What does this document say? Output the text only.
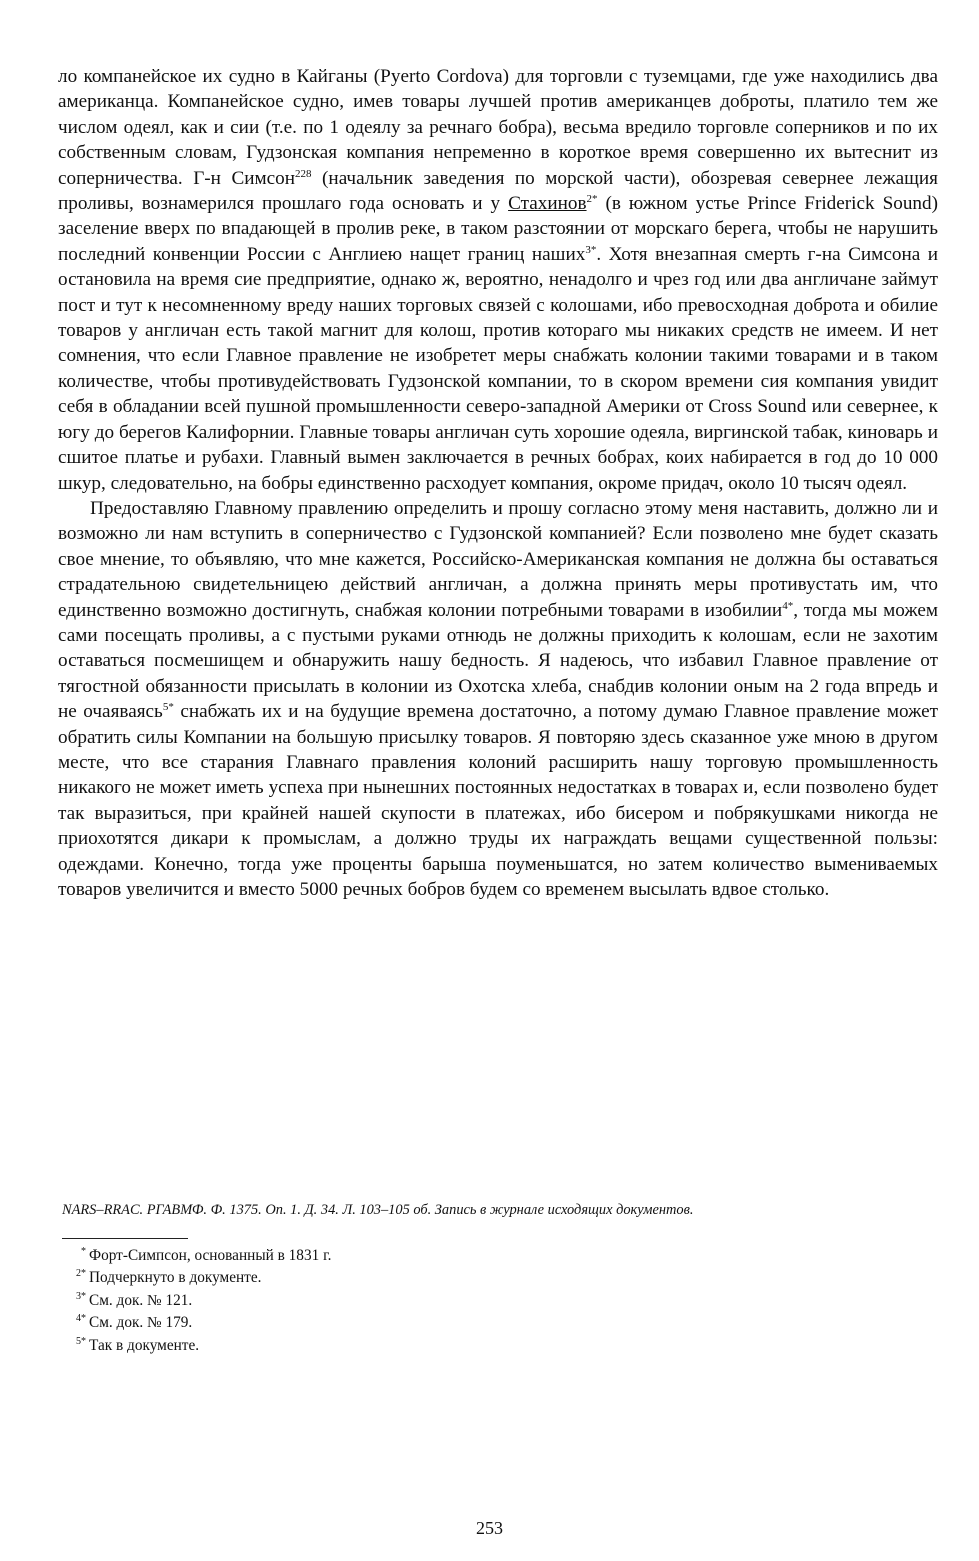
ло компанейское их судно в Кайганы (Pyerto Cordova) для торговли с туземцами, где уже находились два американца. Компанейское судно, имев товары лучшей против американцев доброты, платило тем же числом одеял, как и сии (т.е. по 1 одеялу за речнаго бобра), весьма вредило торговле соперников и по их собственным словам, Гудзонская компания непременно в короткое время совершенно их вытеснит из соперничества. Г-н Симсон$^{228}$ (начальник заведения по морской части), обозревая севернее лежащия проливы, вознамерился прошлаго года основать и у Стахинов$^{2*}$ (в южном устье Prince Friderick Sound) заселение вверх по впадающей в пролив реке, в таком разстоянии от морскаго берега, чтобы не нарушить последний конвенции России с Англиею нащет границ наших$^{3*}$. Хотя внезапная смерть г-на Симсона и остановила на время сие предприятие, однако ж, вероятно, ненадолго и чрез год или два англичане займут пост и тут к несомненному вреду наших торговых связей с колошами, ибо превосходная доброта и обилие товаров у англичан есть такой магнит для колош, против котораго мы никаких средств не имеем. И нет сомнения, что если Главное правление не изобретет меры снабжать колонии такими товарами и в таком количестве, чтобы противудействовать Гудзонской компании, то в скором времени сия компания увидит себя в обладании всей пушной промышленности северо-западной Америки от Cross Sound или севернее, к югу до берегов Калифорнии. Главные товары англичан суть хорошие одеяла, виргинской табак, киноварь и сшитое платье и рубахи. Главный вымен заключается в речных бобрах, коих набирается в год до 10 000 шкур, следовательно, на бобры единственно расходует компания, окроме придач, около 10 тысяч одеял.

Предоставляю Главному правлению определить и прошу согласно этому меня наставить, должно ли и возможно ли нам вступить в соперничество с Гудзонской компанией? Если позволено мне будет сказать свое мнение, то объявляю, что мне кажется, Российско-Американская компания не должна бы оставаться страдательною свидетельницею действий англичан, а должна принять меры противустать им, что единственно возможно достигнуть, снабжая колонии потребными товарами в изобилии$^{4*}$, тогда мы можем сами посещать проливы, а с пустыми руками отнюдь не должны приходить к колошам, если не захотим оставаться посмешищем и обнаружить нашу бедность. Я надеюсь, что избавил Главное правление от тягостной обязанности присылать в колонии из Охотска хлеба, снабдив колонии оным на 2 года впредь и не очаяваясь$^{5*}$ снабжать их и на будущие времена достаточно, а потому думаю Главное правление может обратить силы Компании на большую присылку товаров. Я повторяю здесь сказанное уже мною в другом месте, что все старания Главнаго правления колоний расширить нашу торговую промышленность никакого не может иметь успеха при нынешних постоянных недостатках в товарах и, если позволено будет так выразиться, при крайней нашей скупости в платежах, ибо бисером и побрякушками никогда не приохотятся дикари к промыслам, а должно труды их награждать вещами существенной пользы: одеждами. Конечно, тогда уже проценты барыша поуменьшатся, но затем количество вымениваемых товаров увеличится и вместо 5000 речных бобров будем со временем высылать вдвое столько.

NARS–RRAC. РГАВМФ. Ф. 1375. Оп. 1. Д. 34. Л. 103–105 об. Запись в журнале исходящих документов.
* Форт-Симпсон, основанный в 1831 г.
$^{2*}$ Подчеркнуто в документе.
$^{3*}$ См. док. № 121.
$^{4*}$ См. док. № 179.
$^{5*}$ Так в документе.
253
